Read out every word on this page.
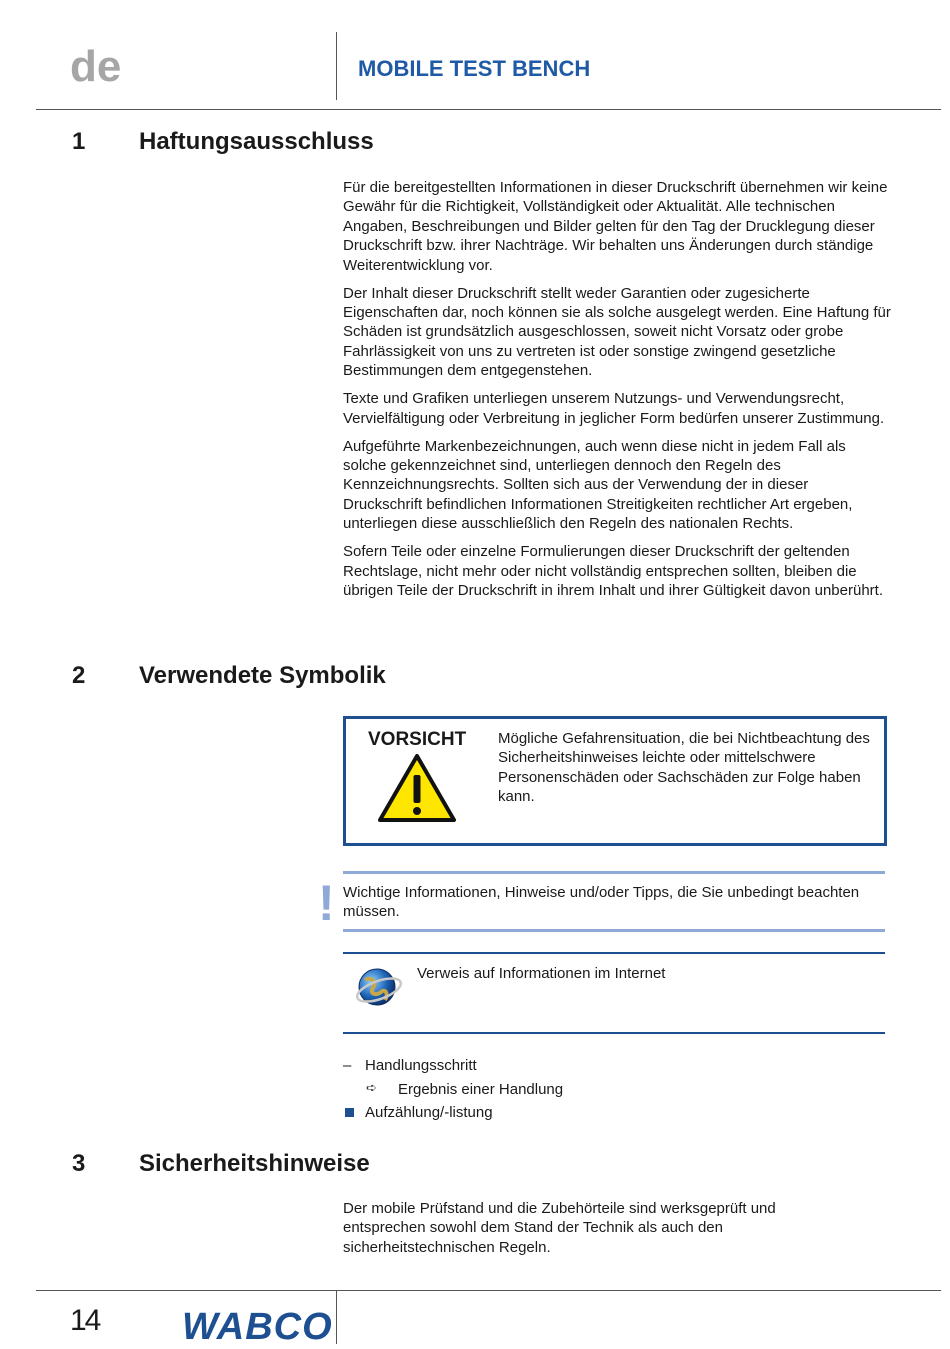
de	MOBILE TEST BENCH
1 Haftungsausschluss

Für die bereitgestellten Informationen in dieser Druckschrift übernehmen wir keine Gewähr für die Richtigkeit, Vollständigkeit oder Aktualität. Alle technischen Angaben, Beschreibungen und Bilder gelten für den Tag der Drucklegung dieser Druckschrift bzw. ihrer Nachträge. Wir behalten uns Änderungen durch ständige Weiterentwicklung vor.

Der Inhalt dieser Druckschrift stellt weder Garantien oder zugesicherte Eigenschaften dar, noch können sie als solche ausgelegt werden. Eine Haftung für Schäden ist grundsätzlich ausgeschlossen, soweit nicht Vorsatz oder grobe Fahrlässigkeit von uns zu vertreten ist oder sonstige zwingend gesetzliche Bestimmungen dem entgegenstehen.

Texte und Grafiken unterliegen unserem Nutzungs- und Verwendungsrecht, Vervielfältigung oder Verbreitung in jeglicher Form bedürfen unserer Zustimmung.

Aufgeführte Markenbezeichnungen, auch wenn diese nicht in jedem Fall als solche gekennzeichnet sind, unterliegen dennoch den Regeln des Kennzeichnungsrechts. Sollten sich aus der Verwendung der in dieser Druckschrift befindlichen Informationen Streitigkeiten rechtlicher Art ergeben, unterliegen diese ausschließlich den Regeln des nationalen Rechts.

Sofern Teile oder einzelne Formulierungen dieser Druckschrift der geltenden Rechtslage, nicht mehr oder nicht vollständig entsprechen sollten, bleiben die übrigen Teile der Druckschrift in ihrem Inhalt und ihrer Gültigkeit davon unberührt.

2 Verwendete Symbolik
VORSICHT Mögliche Gefahrensituation, die bei Nichtbeachtung des Sicherheitshinweises leichte oder mittelschwere Personenschäden oder Sachschäden zur Folge haben kann.
! Wichtige Informationen, Hinweise und/oder Tipps, die Sie unbedingt beachten müssen.
Verweis auf Informationen im Internet
– Handlungsschritt
➪ Ergebnis einer Handlung
Aufzählung/-listung
3 Sicherheitshinweise
Der mobile Prüfstand und die Zubehörteile sind werksgeprüft und entsprechen sowohl dem Stand der Technik als auch den sicherheitstechnischen Regeln.
14 WABCO
